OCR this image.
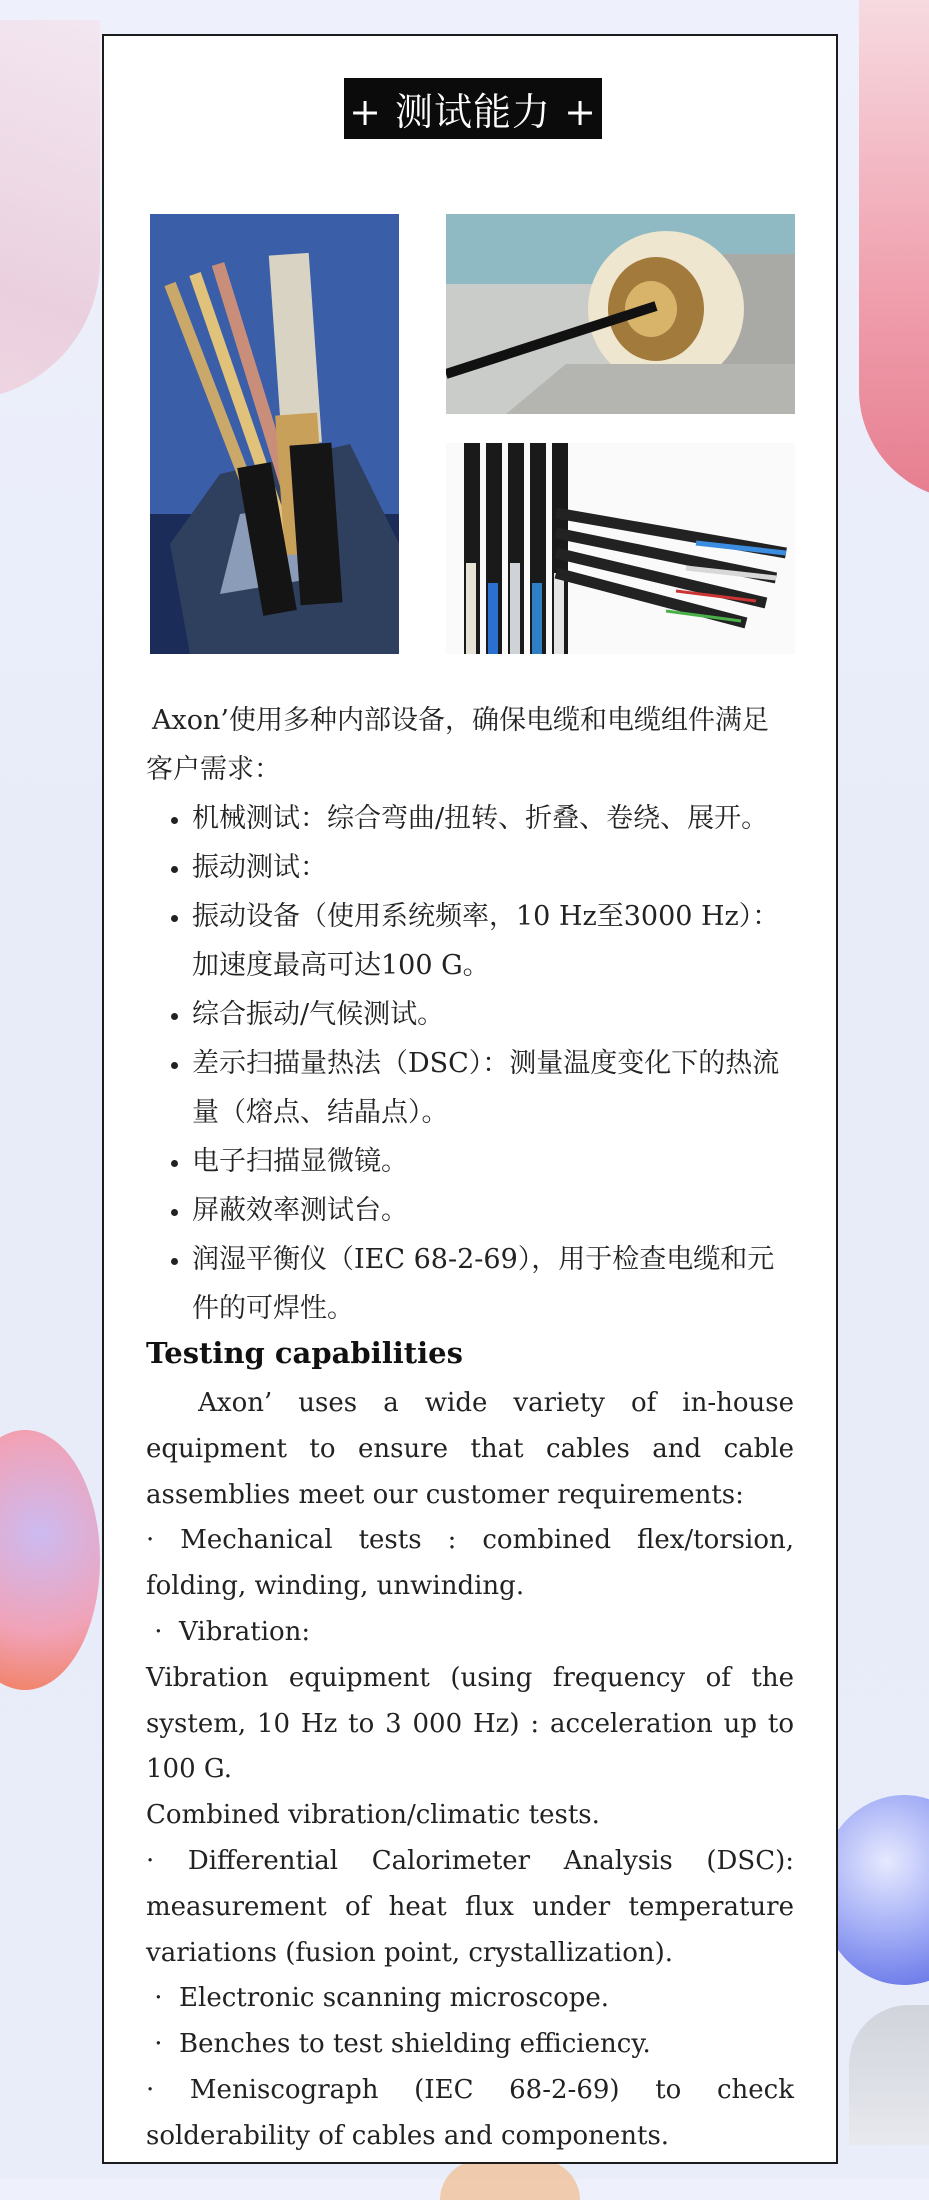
+ 测试能力 +

Axon’使用多种内部设备，确保电缆和电缆组件满足客户需求：

• 机械测试：综合弯曲/扭转、折叠、卷绕、展开。
• 振动测试：
• 振动设备（使用系统频率，10 Hz至3000 Hz）：加速度最高可达100 G。
• 综合振动/气候测试。
• 差示扫描量热法（DSC）：测量温度变化下的热流量（熔点、结晶点）。
• 电子扫描显微镜。
• 屏蔽效率测试台。
• 润湿平衡仪（IEC 68-2-69），用于检查电缆和元件的可焊性。
Testing capabilities

Axon’ uses a wide variety of in-house equipment to ensure that cables and cable assemblies meet our customer requirements:

· Mechanical tests : combined flex/torsion, folding, winding, unwinding.

·  Vibration:

Vibration equipment (using frequency of the system, 10 Hz to 3 000 Hz) : acceleration up to 100 G.

Combined vibration/climatic tests.

· Differential Calorimeter Analysis (DSC): measurement of heat flux under temperature variations (fusion point, crystallization).

·  Electronic scanning microscope.

·  Benches to test shielding efficiency.

· Meniscograph (IEC 68-2-69) to check solderability of cables and components.
